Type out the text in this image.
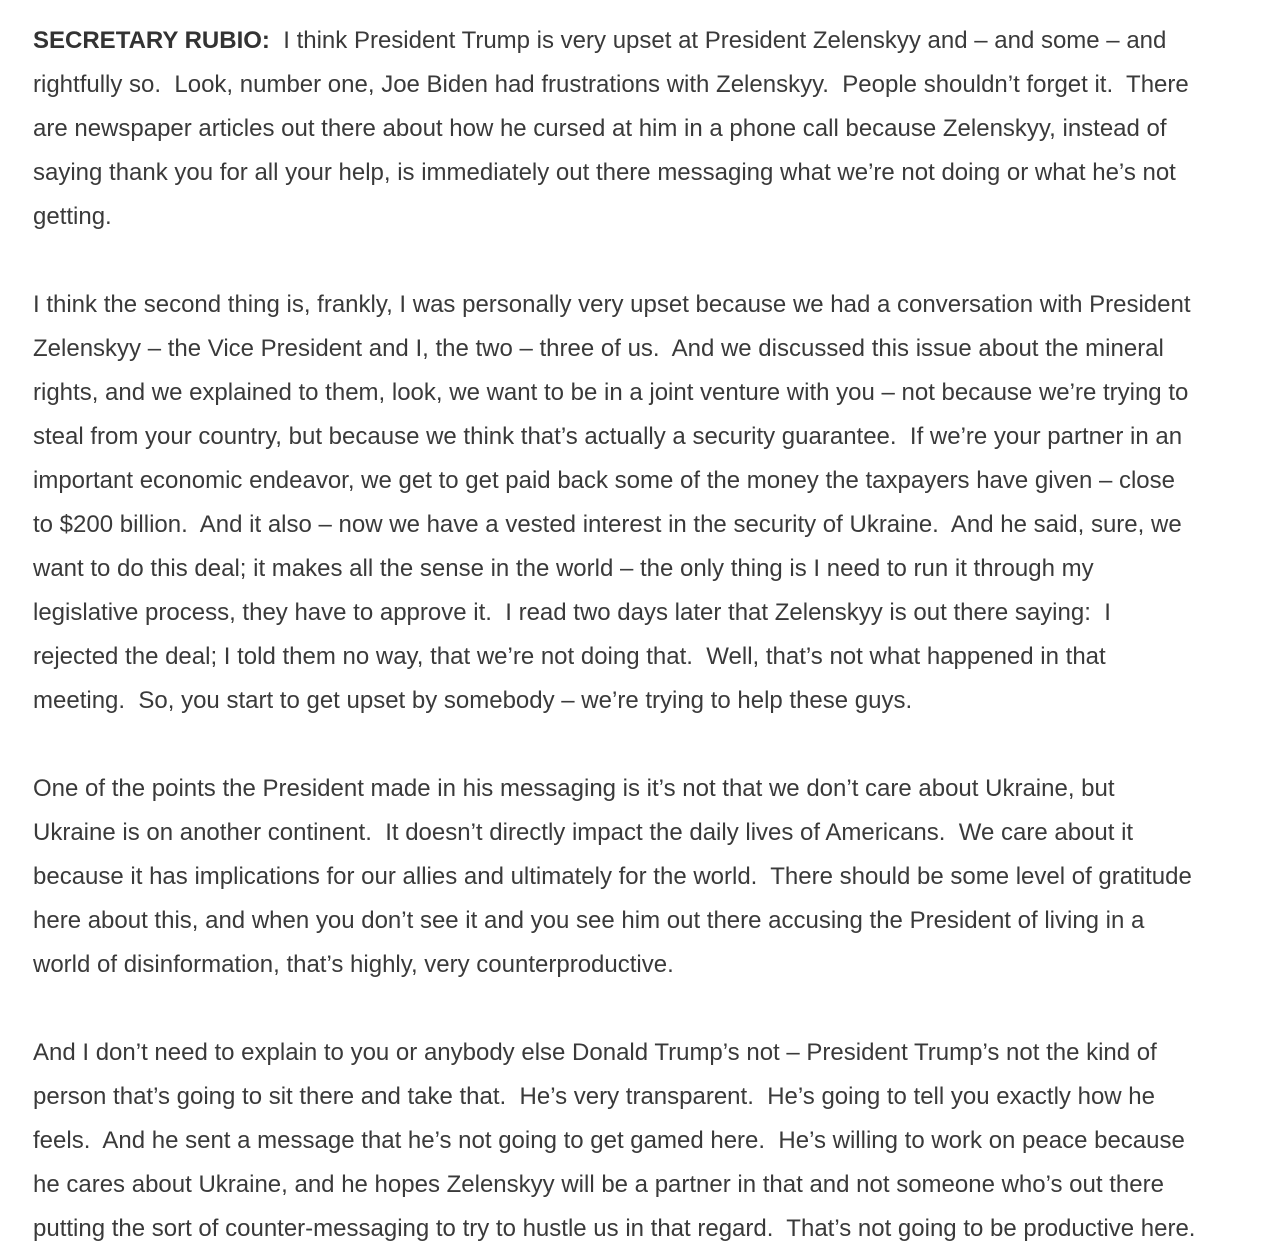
SECRETARY RUBIO:  I think President Trump is very upset at President Zelenskyy and – and some – and rightfully so.  Look, number one, Joe Biden had frustrations with Zelenskyy.  People shouldn’t forget it.  There are newspaper articles out there about how he cursed at him in a phone call because Zelenskyy, instead of saying thank you for all your help, is immediately out there messaging what we’re not doing or what he’s not getting.

I think the second thing is, frankly, I was personally very upset because we had a conversation with President Zelenskyy – the Vice President and I, the two – three of us.  And we discussed this issue about the mineral rights, and we explained to them, look, we want to be in a joint venture with you – not because we’re trying to steal from your country, but because we think that’s actually a security guarantee.  If we’re your partner in an important economic endeavor, we get to get paid back some of the money the taxpayers have given – close to $200 billion.  And it also – now we have a vested interest in the security of Ukraine.  And he said, sure, we want to do this deal; it makes all the sense in the world – the only thing is I need to run it through my legislative process, they have to approve it.  I read two days later that Zelenskyy is out there saying:  I rejected the deal; I told them no way, that we’re not doing that.  Well, that’s not what happened in that meeting.  So, you start to get upset by somebody – we’re trying to help these guys.

One of the points the President made in his messaging is it’s not that we don’t care about Ukraine, but Ukraine is on another continent.  It doesn’t directly impact the daily lives of Americans.  We care about it because it has implications for our allies and ultimately for the world.  There should be some level of gratitude here about this, and when you don’t see it and you see him out there accusing the President of living in a world of disinformation, that’s highly, very counterproductive.

And I don’t need to explain to you or anybody else Donald Trump’s not – President Trump’s not the kind of person that’s going to sit there and take that.  He’s very transparent.  He’s going to tell you exactly how he feels.  And he sent a message that he’s not going to get gamed here.  He’s willing to work on peace because he cares about Ukraine, and he hopes Zelenskyy will be a partner in that and not someone who’s out there putting the sort of counter-messaging to try to hustle us in that regard.  That’s not going to be productive here.
